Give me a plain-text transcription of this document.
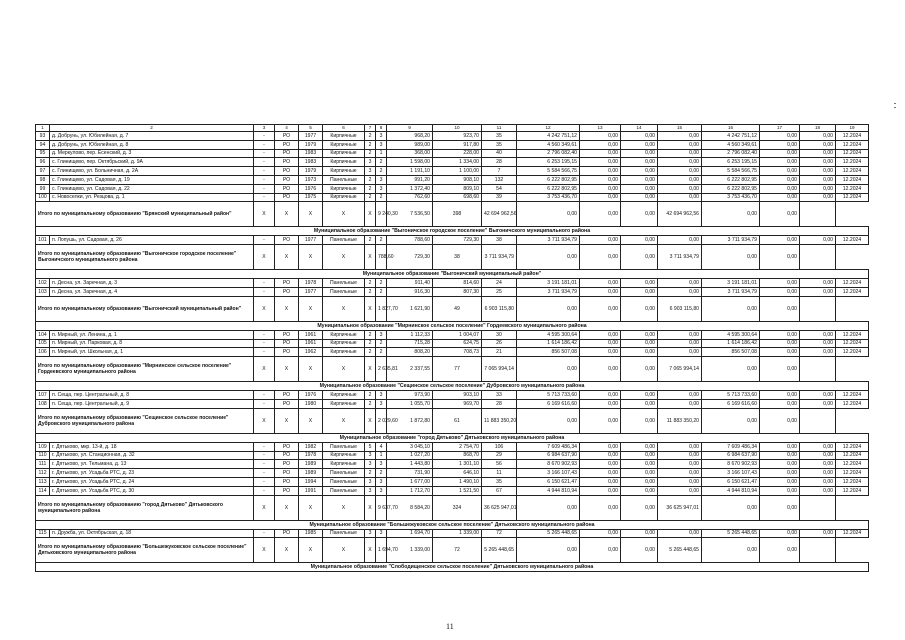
1	2	3	4	5	6	7	8	9	10	11	12	13	14	15	16	17	18	19
93	д. Добрунь, ул. Юбилейная, д. 7	-	РО	1977	Кирпичные	2	3	968,20	923,70	35	4 242 751,12	0,00	0,00	0,00	4 242 751,12	0,00	0,00	12.2024
94	д. Добрунь, ул. Юбилейная, д. 8	-	РО	1979	Кирпичные	2	3	989,00	917,80	35	4 560 349,61	0,00	0,00	0,00	4 560 349,61	0,00	0,00	12.2024
95	д. Меркулово, пер. Есенский, д. 3	-	РО	1983	Кирпичные	2	1	368,00	228,00	40	2 796 082,40	0,00	0,00	0,00	2 796 082,40	0,00	0,00	12.2024
96	с. Глинищево, пер. Октябрьский, д. 9А	-	РО	1983	Кирпичные	3	2	1 598,00	1 334,00	28	6 253 195,15	0,00	0,00	0,00	6 253 195,15	0,00	0,00	12.2024
97	с. Глинищево, ул. Больничная, д. 2А	-	РО	1979	Кирпичные	3	2	1 191,10	1 100,00	7	5 584 566,75	0,00	0,00	0,00	5 584 566,75	0,00	0,00	12.2024
98	с. Глинищево, ул. Садовая, д. 19	-	РО	1973	Панельные	2	3	991,20	908,10	132	6 222 802,95	0,00	0,00	0,00	6 222 802,95	0,00	0,00	12.2024
99	с. Глинищево, ул. Садовая, д. 22	-	РО	1976	Кирпичные	2	3	1 372,40	809,10	54	6 222 802,95	0,00	0,00	0,00	6 222 802,95	0,00	0,00	12.2024
100	с. Новоселки, ул. Резцова, д. 1	-	РО	1975	Кирпичные	2	2	762,60	698,60	39	3 753 436,70	0,00	0,00	0,00	3 753 436,70	0,00	0,00	12.2024
Итого по муниципальному образованию "Брянский муниципальный район"		X	X	X	X	X	9 240,30	7 536,50	398	42 694 962,56	0,00	0,00	0,00	42 694 962,56	0,00	0,00		
Муниципальное образование "Выгоничское городское поселение" Выгоничского муниципального района																		
101	п. Лопушь, ул. Садовая, д. 26	-	РО	1977	Панельные	2	2	788,60	729,30	38	3 711 934,79	0,00	0,00	0,00	3 711 934,79	0,00	0,00	12.2024
Итого по муниципальному образованию "Выгоничское городское поселение" Выгоничского муниципального района		X	X	X	X	X	788,60	729,30	38	3 711 934,79	0,00	0,00	0,00	3 711 934,79	0,00	0,00		
Муниципальное образование "Выгоничский муниципальный район"																		
102	п. Десна, ул. Заречная, д. 3	-	РО	1978	Панельные	2	2	911,40	814,60	24	3 191 181,01	0,00	0,00	0,00	3 191 181,01	0,00	0,00	12.2024
103	п. Десна, ул. Заречная, д. 4	-	РО	1977	Панельные	2	2	916,30	807,30	25	3 711 934,79	0,00	0,00	0,00	3 711 934,79	0,00	0,00	12.2024
Итого по муниципальному образованию "Выгоничский муниципальный район"		X	X	X	X	X	1 827,70	1 621,90	49	6 903 115,80	0,00	0,00	0,00	6 903 115,80	0,00	0,00		
Муниципальное образование "Мирнинское сельское поселение" Гордеевского муниципального района																		
104	п. Мирный, ул. Ленина, д. 1	-	РО	1961	Кирпичные	2	3	1 112,33	1 004,07	30	4 595 300,64	0,00	0,00	0,00	4 595 300,64	0,00	0,00	12.2024
105	п. Мирный, ул. Парковая, д. 8	-	РО	1961	Кирпичные	2	2	715,28	624,75	26	1 614 186,42	0,00	0,00	0,00	1 614 186,42	0,00	0,00	12.2024
106	п. Мирный, ул. Школьная, д. 1	-	РО	1962	Кирпичные	2	2	808,20	708,73	21	856 507,08	0,00	0,00	0,00	856 507,08	0,00	0,00	12.2024
Итого по муниципальному образованию "Мирнинское сельское поселение" Гордеевского муниципального района		X	X	X	X	X	2 635,81	2 337,55	77	7 065 994,14	0,00	0,00	0,00	7 065 994,14	0,00	0,00		
Муниципальное образование "Сещинское сельское поселение" Дубровского муниципального района																		
107	п. Сеща, пер. Центральный, д. 8	-	РО	1976	Кирпичные	2	3	973,90	903,10	33	5 713 733,60	0,00	0,00	0,00	5 713 733,60	0,00	0,00	12.2024
108	п. Сеща, пер. Центральный, д. 9	-	РО	1980	Кирпичные	2	3	1 055,70	969,70	28	6 169 616,60	0,00	0,00	0,00	6 169 616,60	0,00	0,00	12.2024
Итого по муниципальному образованию "Сещинское сельское поселение" Дубровского муниципального района		X	X	X	X	X	2 029,60	1 872,80	61	11 883 350,20	0,00	0,00	0,00	11 883 350,20	0,00	0,00		
Муниципальное образование "город Дятьково" Дятьковского муниципального района																		
109	г. Дятьково, мкр. 13-й, д. 18	-	РО	1982	Панельные	5	4	3 045,10	2 754,70	106	7 609 486,34	0,00	0,00	0,00	7 609 486,34	0,00	0,00	12.2024
110	г. Дятьково, ул. Станционная, д. 32	-	РО	1978	Кирпичные	3	1	1 027,20	868,70	29	6 984 637,90	0,00	0,00	0,00	6 984 637,90	0,00	0,00	12.2024
111	г. Дятьково, ул. Тельмана, д. 13	-	РО	1989	Кирпичные	3	3	1 443,80	1 301,10	56	8 670 902,93	0,00	0,00	0,00	8 670 902,93	0,00	0,00	12.2024
112	г. Дятьково, ул. Усадьба РТС, д. 23	-	РО	1989	Панельные	2	2	731,90	646,10	11	3 166 107,43	0,00	0,00	0,00	3 166 107,43	0,00	0,00	12.2024
113	г. Дятьково, ул. Усадьба РТС, д. 24	-	РО	1994	Панельные	3	3	1 677,00	1 490,10	35	6 150 621,47	0,00	0,00	0,00	6 150 621,47	0,00	0,00	12.2024
114	г. Дятьково, ул. Усадьба РТС, д. 30	-	РО	1991	Панельные	3	3	1 712,70	1 521,50	67	4 944 810,94	0,00	0,00	0,00	4 944 810,94	0,00	0,00	12.2024
Итого по муниципальному образованию "город Дятьково" Дятьковского муниципального района		X	X	X	X	X	9 637,70	8 584,20	324	36 625 947,01	0,00	0,00	0,00	36 625 947,01	0,00	0,00		
Муниципальное образование "Большежуковское сельское поселение" Дятьковского муниципального района																		
115	п. Дружба, ул. Октябрьская, д. 18	-	РО	1985	Панельные	3	3	1 694,70	1 339,00	72	5 265 448,65	0,00	0,00	0,00	5 265 448,65	0,00	0,00	12.2024
Итого по муниципальному образованию "Большежуковское сельское поселение" Дятьковского муниципального района		X	X	X	X	X	1 694,70	1 339,00	72	5 265 448,65	0,00	0,00	0,00	5 265 448,65	0,00	0,00		
Муниципальное образование "Слободищенское сельское поселение" Дятьковского муниципального района																		
11
